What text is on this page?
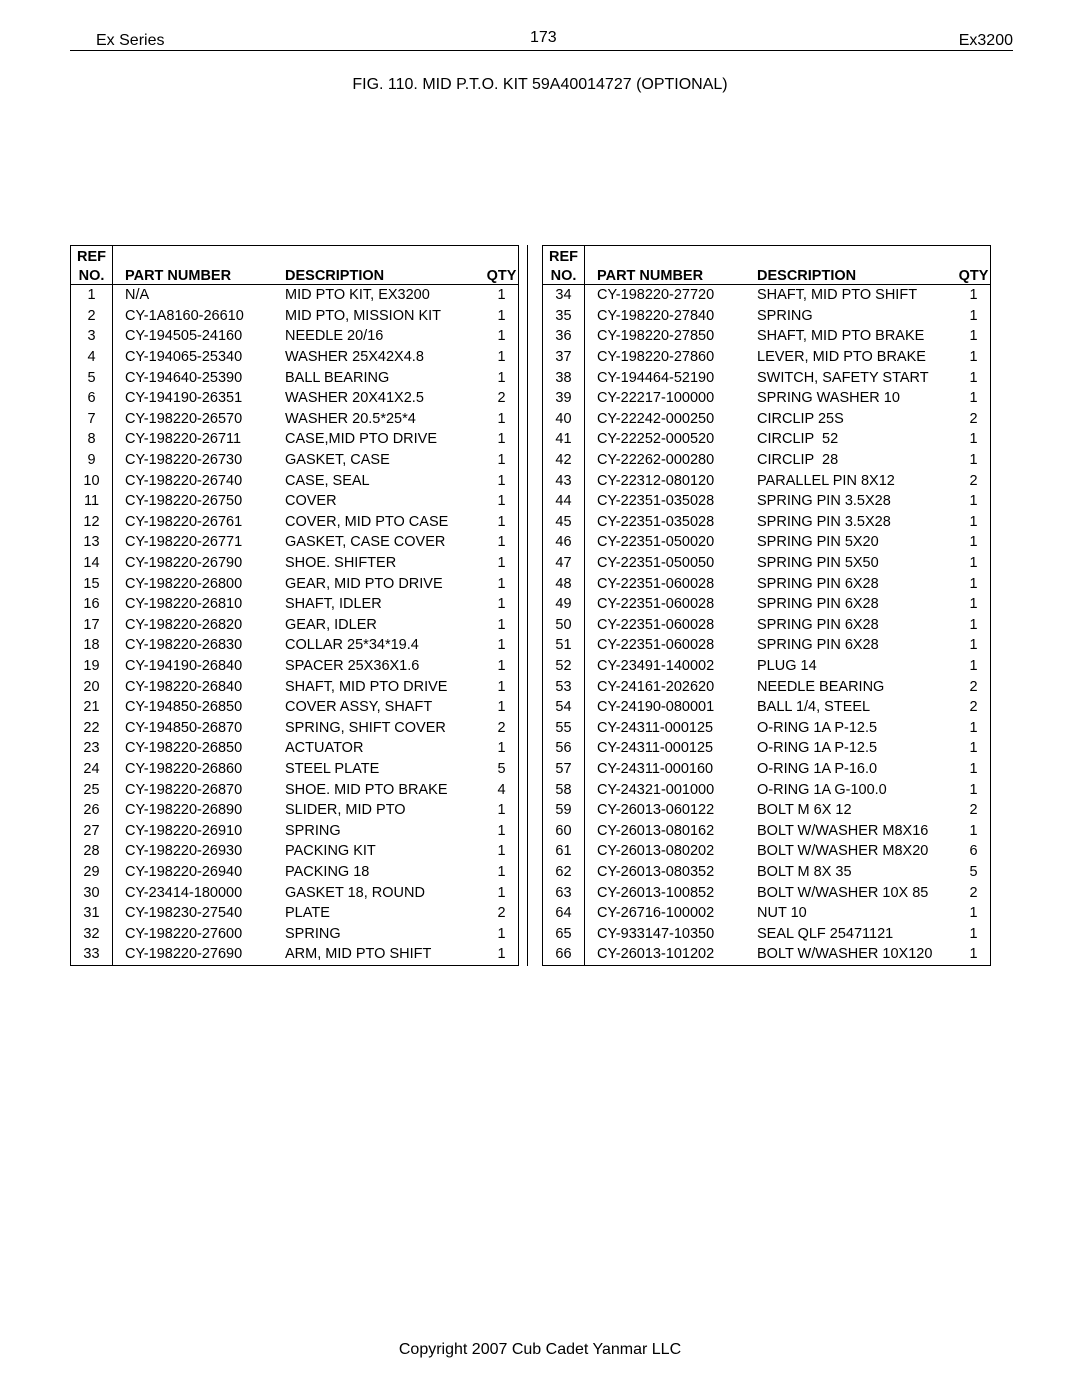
Ex Series	173	Ex3200
FIG. 110. MID P.T.O. KIT 59A40014727 (OPTIONAL)
REF			
NO.	PART NUMBER	DESCRIPTION	QTY
1	N/A	MID PTO KIT, EX3200	1
2	CY-1A8160-26610	MID PTO, MISSION KIT	1
3	CY-194505-24160	NEEDLE 20/16	1
4	CY-194065-25340	WASHER 25X42X4.8	1
5	CY-194640-25390	BALL BEARING	1
6	CY-194190-26351	WASHER 20X41X2.5	2
7	CY-198220-26570	WASHER 20.5*25*4	1
8	CY-198220-26711	CASE,MID PTO DRIVE	1
9	CY-198220-26730	GASKET, CASE	1
10	CY-198220-26740	CASE, SEAL	1
11	CY-198220-26750	COVER	1
12	CY-198220-26761	COVER, MID PTO CASE	1
13	CY-198220-26771	GASKET, CASE COVER	1
14	CY-198220-26790	SHOE. SHIFTER	1
15	CY-198220-26800	GEAR, MID PTO DRIVE	1
16	CY-198220-26810	SHAFT, IDLER	1
17	CY-198220-26820	GEAR, IDLER	1
18	CY-198220-26830	COLLAR 25*34*19.4	1
19	CY-194190-26840	SPACER 25X36X1.6	1
20	CY-198220-26840	SHAFT, MID PTO DRIVE	1
21	CY-194850-26850	COVER ASSY, SHAFT	1
22	CY-194850-26870	SPRING, SHIFT COVER	2
23	CY-198220-26850	ACTUATOR	1
24	CY-198220-26860	STEEL PLATE	5
25	CY-198220-26870	SHOE. MID PTO BRAKE	4
26	CY-198220-26890	SLIDER, MID PTO	1
27	CY-198220-26910	SPRING	1
28	CY-198220-26930	PACKING KIT	1
29	CY-198220-26940	PACKING 18	1
30	CY-23414-180000	GASKET 18, ROUND	1
31	CY-198230-27540	PLATE	2
32	CY-198220-27600	SPRING	1
33	CY-198220-27690	ARM, MID PTO SHIFT	1
REF			
NO.	PART NUMBER	DESCRIPTION	QTY
34	CY-198220-27720	SHAFT, MID PTO SHIFT	1
35	CY-198220-27840	SPRING	1
36	CY-198220-27850	SHAFT, MID PTO BRAKE	1
37	CY-198220-27860	LEVER, MID PTO BRAKE	1
38	CY-194464-52190	SWITCH, SAFETY START	1
39	CY-22217-100000	SPRING WASHER 10	1
40	CY-22242-000250	CIRCLIP 25S	2
41	CY-22252-000520	CIRCLIP  52	1
42	CY-22262-000280	CIRCLIP  28	1
43	CY-22312-080120	PARALLEL PIN 8X12	2
44	CY-22351-035028	SPRING PIN 3.5X28	1
45	CY-22351-035028	SPRING PIN 3.5X28	1
46	CY-22351-050020	SPRING PIN 5X20	1
47	CY-22351-050050	SPRING PIN 5X50	1
48	CY-22351-060028	SPRING PIN 6X28	1
49	CY-22351-060028	SPRING PIN 6X28	1
50	CY-22351-060028	SPRING PIN 6X28	1
51	CY-22351-060028	SPRING PIN 6X28	1
52	CY-23491-140002	PLUG 14	1
53	CY-24161-202620	NEEDLE BEARING	2
54	CY-24190-080001	BALL 1/4, STEEL	2
55	CY-24311-000125	O-RING 1A P-12.5	1
56	CY-24311-000125	O-RING 1A P-12.5	1
57	CY-24311-000160	O-RING 1A P-16.0	1
58	CY-24321-001000	O-RING 1A G-100.0	1
59	CY-26013-060122	BOLT M 6X 12	2
60	CY-26013-080162	BOLT W/WASHER M8X16	1
61	CY-26013-080202	BOLT W/WASHER M8X20	6
62	CY-26013-080352	BOLT M 8X 35	5
63	CY-26013-100852	BOLT W/WASHER 10X 85	2
64	CY-26716-100002	NUT 10	1
65	CY-933147-10350	SEAL QLF 25471121	1
66	CY-26013-101202	BOLT W/WASHER 10X120	1
Copyright 2007 Cub Cadet Yanmar LLC
